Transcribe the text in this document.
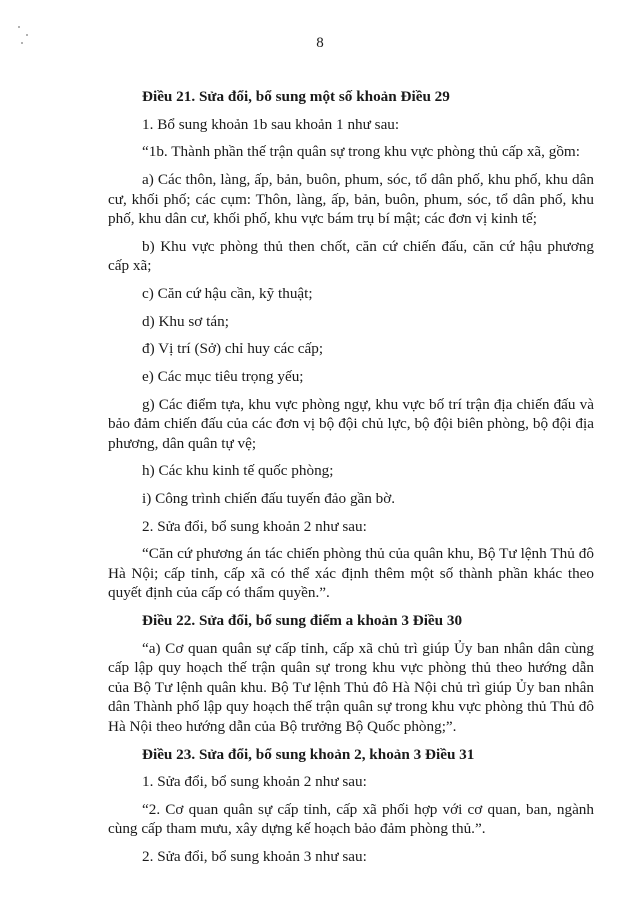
8

Điều 21. Sửa đổi, bổ sung một số khoản Điều 29

1. Bổ sung khoản 1b sau khoản 1 như sau:

“1b. Thành phần thế trận quân sự trong khu vực phòng thủ cấp xã, gồm:

a) Các thôn, làng, ấp, bản, buôn, phum, sóc, tổ dân phố, khu phố, khu dân cư, khối phố; các cụm: Thôn, làng, ấp, bản, buôn, phum, sóc, tổ dân phố, khu phố, khu dân cư, khối phố, khu vực bám trụ bí mật; các đơn vị kinh tế;

b) Khu vực phòng thủ then chốt, căn cứ chiến đấu, căn cứ hậu phương cấp xã;

c) Căn cứ hậu cần, kỹ thuật;

d) Khu sơ tán;

đ) Vị trí (Sở) chỉ huy các cấp;

e) Các mục tiêu trọng yếu;

g) Các điểm tựa, khu vực phòng ngự, khu vực bố trí trận địa chiến đấu và bảo đảm chiến đấu của các đơn vị bộ đội chủ lực, bộ đội biên phòng, bộ đội địa phương, dân quân tự vệ;

h) Các khu kinh tế quốc phòng;

i) Công trình chiến đấu tuyến đảo gần bờ.

2. Sửa đổi, bổ sung khoản 2 như sau:

“Căn cứ phương án tác chiến phòng thủ của quân khu, Bộ Tư lệnh Thủ đô Hà Nội; cấp tỉnh, cấp xã có thể xác định thêm một số thành phần khác theo quyết định của cấp có thẩm quyền.”.

Điều 22. Sửa đổi, bổ sung điểm a khoản 3 Điều 30

“a) Cơ quan quân sự cấp tỉnh, cấp xã chủ trì giúp Ủy ban nhân dân cùng cấp lập quy hoạch thế trận quân sự trong khu vực phòng thủ theo hướng dẫn của Bộ Tư lệnh quân khu. Bộ Tư lệnh Thủ đô Hà Nội chủ trì giúp Ủy ban nhân dân Thành phố lập quy hoạch thế trận quân sự trong khu vực phòng thủ Thủ đô Hà Nội theo hướng dẫn của Bộ trưởng Bộ Quốc phòng;”.

Điều 23. Sửa đổi, bổ sung khoản 2, khoản 3 Điều 31

1. Sửa đổi, bổ sung khoản 2 như sau:

“2. Cơ quan quân sự cấp tỉnh, cấp xã phối hợp với cơ quan, ban, ngành cùng cấp tham mưu, xây dựng kế hoạch bảo đảm phòng thủ.”.

2. Sửa đổi, bổ sung khoản 3 như sau:
